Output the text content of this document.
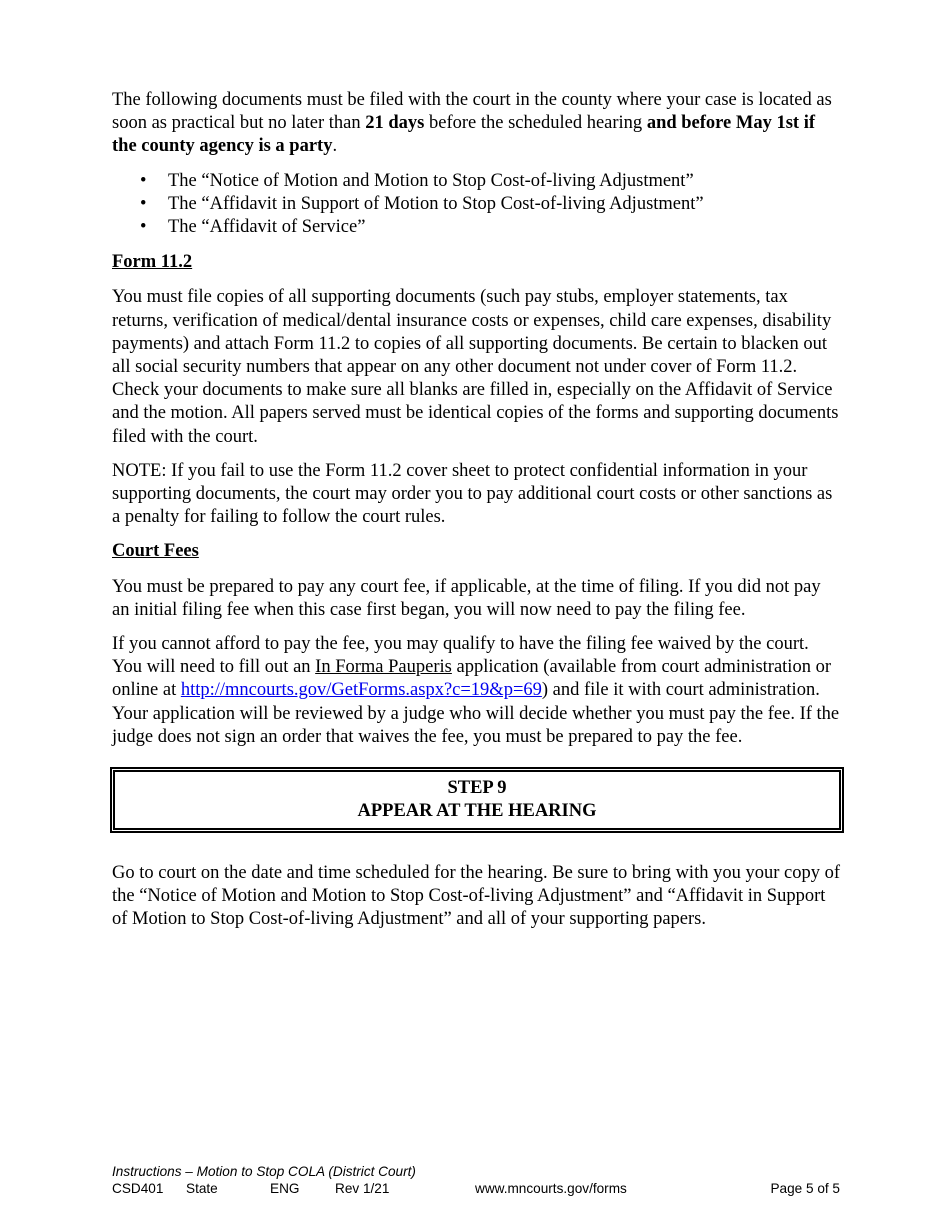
The following documents must be filed with the court in the county where your case is located as soon as practical but no later than 21 days before the scheduled hearing and before May 1st if the county agency is a party.

• The “Notice of Motion and Motion to Stop Cost-of-living Adjustment”
• The “Affidavit in Support of Motion to Stop Cost-of-living Adjustment”
• The “Affidavit of Service”

Form 11.2

You must file copies of all supporting documents (such pay stubs, employer statements, tax returns, verification of medical/dental insurance costs or expenses, child care expenses, disability payments) and attach Form 11.2 to copies of all supporting documents. Be certain to blacken out all social security numbers that appear on any other document not under cover of Form 11.2. Check your documents to make sure all blanks are filled in, especially on the Affidavit of Service and the motion. All papers served must be identical copies of the forms and supporting documents filed with the court.

NOTE: If you fail to use the Form 11.2 cover sheet to protect confidential information in your supporting documents, the court may order you to pay additional court costs or other sanctions as a penalty for failing to follow the court rules.

Court Fees

You must be prepared to pay any court fee, if applicable, at the time of filing. If you did not pay an initial filing fee when this case first began, you will now need to pay the filing fee.

If you cannot afford to pay the fee, you may qualify to have the filing fee waived by the court. You will need to fill out an In Forma Pauperis application (available from court administration or online at http://mncourts.gov/GetForms.aspx?c=19&p=69) and file it with court administration. Your application will be reviewed by a judge who will decide whether you must pay the fee. If the judge does not sign an order that waives the fee, you must be prepared to pay the fee.

STEP 9
APPEAR AT THE HEARING

Go to court on the date and time scheduled for the hearing. Be sure to bring with you your copy of the “Notice of Motion and Motion to Stop Cost-of-living Adjustment” and “Affidavit in Support of Motion to Stop Cost-of-living Adjustment” and all of your supporting papers.

Instructions – Motion to Stop COLA (District Court)
CSD401 State	ENG	Rev 1/21	www.mncourts.gov/forms	Page 5 of 5
